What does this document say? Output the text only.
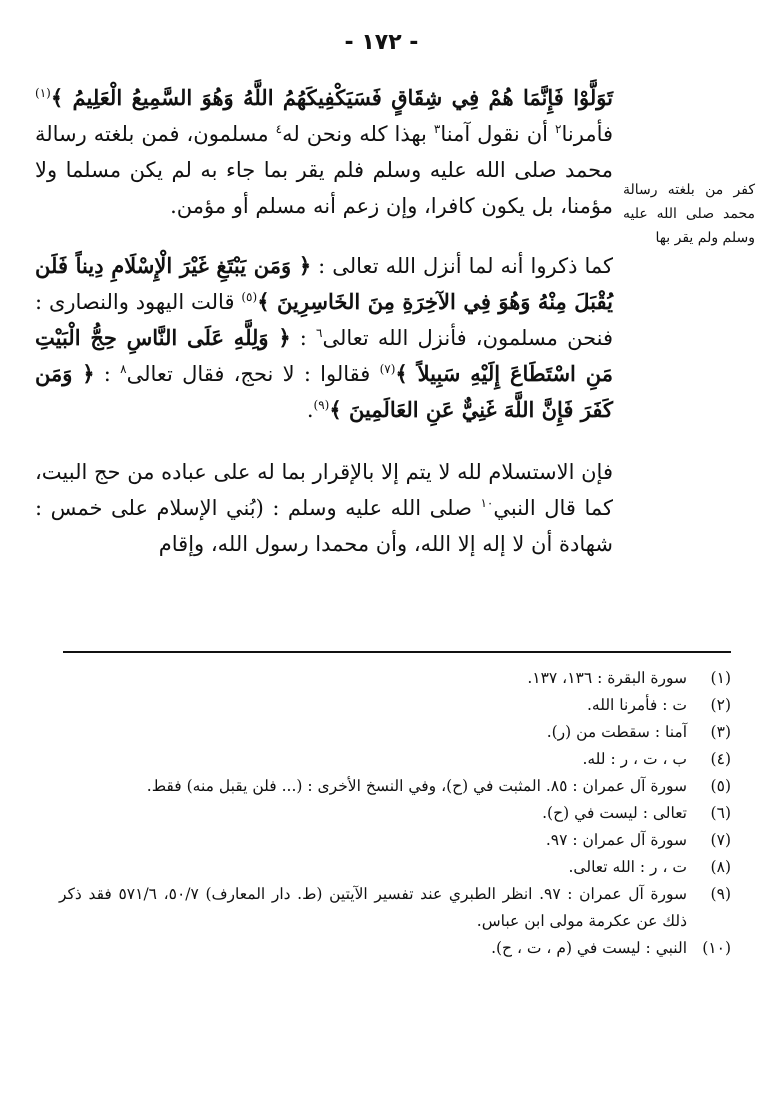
- ١٧٢ -

تَوَلَّوْا فَإِنَّمَا هُمْ فِي شِقَاقٍ فَسَيَكْفِيكَهُمُ اللَّهُ وَهُوَ السَّمِيعُ الْعَلِيمُ ﴾$^{(١)}$ فأمرنا$^٢$ أن نقول آمنا$^٣$ بهذا كله ونحن له$^٤$ مسلمون، فمن بلغته رسالة محمد صلى الله عليه وسلم فلم يقر بما جاء به لم يكن مسلما ولا مؤمنا، بل يكون كافرا، وإن زعم أنه مسلم أو مؤمن.

كما ذكروا أنه لما أنزل الله تعالى : ﴿ وَمَن يَبْتَغِ غَيْرَ الْإِسْلَامِ دِيناً فَلَن يُقْبَلَ مِنْهُ وَهُوَ فِي الآخِرَةِ مِنَ الخَاسِرِينَ ﴾$^{(٥)}$ قالت اليهود والنصارى : فنحن مسلمون، فأنزل الله تعالى$^٦$ : ﴿ وَلِلَّهِ عَلَى النَّاسِ حِجُّ الْبَيْتِ مَنِ اسْتَطَاعَ إِلَيْهِ سَبِيلاً ﴾$^{(٧)}$ فقالوا : لا نحج، فقال تعالى$^٨$ : ﴿ وَمَن كَفَرَ فَإِنَّ اللَّهَ غَنِيٌّ عَنِ العَالَمِينَ ﴾$^{(٩)}$.

فإن الاستسلام لله لا يتم إلا بالإقرار بما له على عباده من حج البيت، كما قال النبي$^{١٠}$ صلى الله عليه وسلم : (بُني الإسلام على خمس : شهادة أن لا إله إلا الله، وأن محمدا رسول الله، وإقام

كفر من بلغته رسالة محمد صلى الله عليه وسلم ولم يقر بها
(١)
سورة البقرة : ١٣٦، ١٣٧.
(٢)
ت : فأمرنا الله.
(٣)
آمنا : سقطت من (ر).
(٤)
ب ، ت ، ر : لله.
(٥)
سورة آل عمران : ٨٥. المثبت في (ح)، وفي النسخ الأخرى : (... فلن يقبل منه) فقط.
(٦)
تعالى : ليست في (ح).
(٧)
سورة آل عمران : ٩٧.
(٨)
ت ، ر : الله تعالى.
(٩)
سورة آل عمران : ٩٧. انظر الطبري عند تفسير الآيتين (ط. دار المعارف) ٥٠/٧، ٥٧١/٦ فقد ذكر ذلك عن عكرمة مولى ابن عباس.
(١٠)
النبي : ليست في (م ، ت ، ح).
